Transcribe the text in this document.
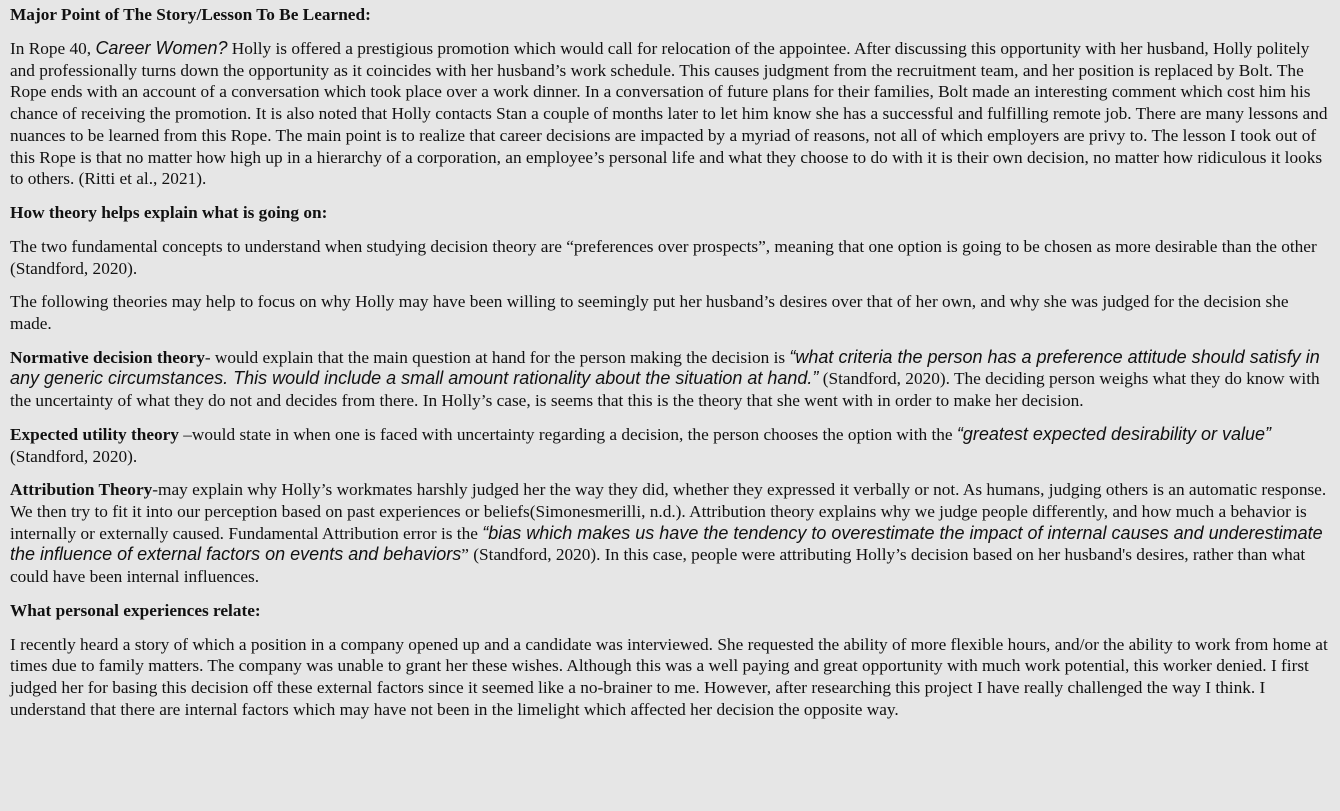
Major Point of The Story/Lesson To Be Learned:

In Rope 40, Career Women? Holly is offered a prestigious promotion which would call for relocation of the appointee. After discussing this opportunity with her husband, Holly politely and professionally turns down the opportunity as it coincides with her husband’s work schedule. This causes judgment from the recruitment team, and her position is replaced by Bolt. The Rope ends with an account of a conversation which took place over a work dinner. In a conversation of future plans for their families, Bolt made an interesting comment which cost him his chance of receiving the promotion. It is also noted that Holly contacts Stan a couple of months later to let him know she has a successful and fulfilling remote job. There are many lessons and nuances to be learned from this Rope. The main point is to realize that career decisions are impacted by a myriad of reasons, not all of which employers are privy to. The lesson I took out of this Rope is that no matter how high up in a hierarchy of a corporation, an employee’s personal life and what they choose to do with it is their own decision, no matter how ridiculous it looks to others. (Ritti et al., 2021).

How theory helps explain what is going on:

The two fundamental concepts to understand when studying decision theory are “preferences over prospects”, meaning that one option is going to be chosen as more desirable than the other (Standford, 2020).

The following theories may help to focus on why Holly may have been willing to seemingly put her husband’s desires over that of her own, and why she was judged for the decision she made.

Normative decision theory- would explain that the main question at hand for the person making the decision is “what criteria the person has a preference attitude should satisfy in any generic circumstances. This would include a small amount rationality about the situation at hand.” (Standford, 2020). The deciding person weighs what they do know with the uncertainty of what they do not and decides from there. In Holly’s case, is seems that this is the theory that she went with in order to make her decision.

Expected utility theory –would state in when one is faced with uncertainty regarding a decision, the person chooses the option with the “greatest expected desirability or value” (Standford, 2020).

Attribution Theory-may explain why Holly’s workmates harshly judged her the way they did, whether they expressed it verbally or not. As humans, judging others is an automatic response. We then try to fit it into our perception based on past experiences or beliefs(Simonesmerilli, n.d.). Attribution theory explains why we judge people differently, and how much a behavior is internally or externally caused. Fundamental Attribution error is the “bias which makes us have the tendency to overestimate the impact of internal causes and underestimate the influence of external factors on events and behaviors” (Standford, 2020). In this case, people were attributing Holly’s decision based on her husband's desires, rather than what could have been internal influences.

What personal experiences relate:

I recently heard a story of which a position in a company opened up and a candidate was interviewed. She requested the ability of more flexible hours, and/or the ability to work from home at times due to family matters. The company was unable to grant her these wishes. Although this was a well paying and great opportunity with much work potential, this worker denied. I first judged her for basing this decision off these external factors since it seemed like a no-brainer to me. However, after researching this project I have really challenged the way I think. I understand that there are internal factors which may have not been in the limelight which affected her decision the opposite way.
